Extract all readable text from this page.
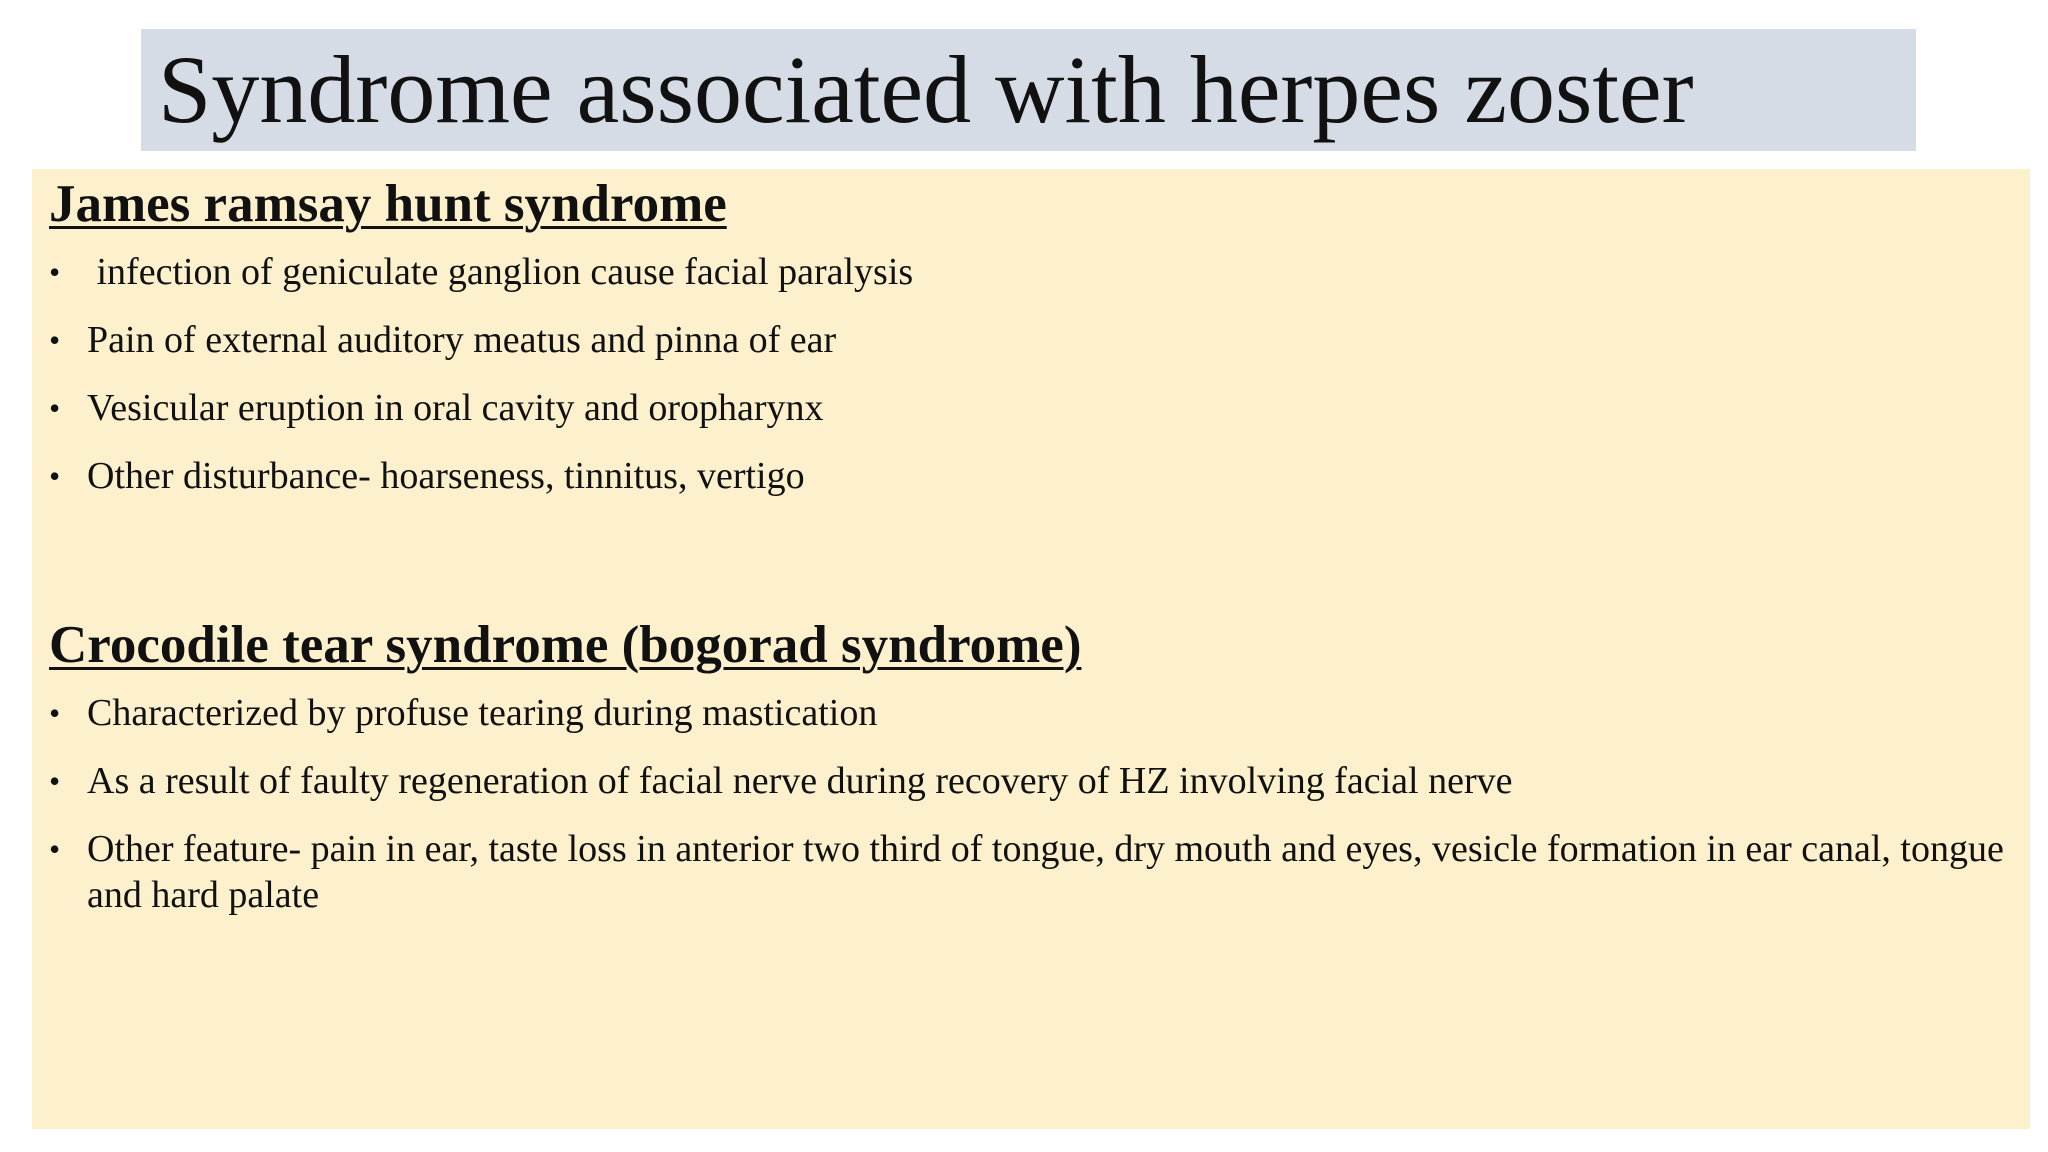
Syndrome associated with herpes zoster
James ramsay hunt syndrome
• infection of geniculate ganglion cause facial paralysis
• Pain of external auditory meatus and pinna of ear
• Vesicular eruption in oral cavity and oropharynx
• Other disturbance- hoarseness, tinnitus, vertigo
Crocodile tear syndrome (bogorad syndrome)
• Characterized by profuse tearing during mastication
• As a result of faulty regeneration of facial nerve during recovery of HZ involving facial nerve
• Other feature- pain in ear, taste loss in anterior two third of tongue, dry mouth and eyes, vesicle formation in ear canal, tongue and hard palate
